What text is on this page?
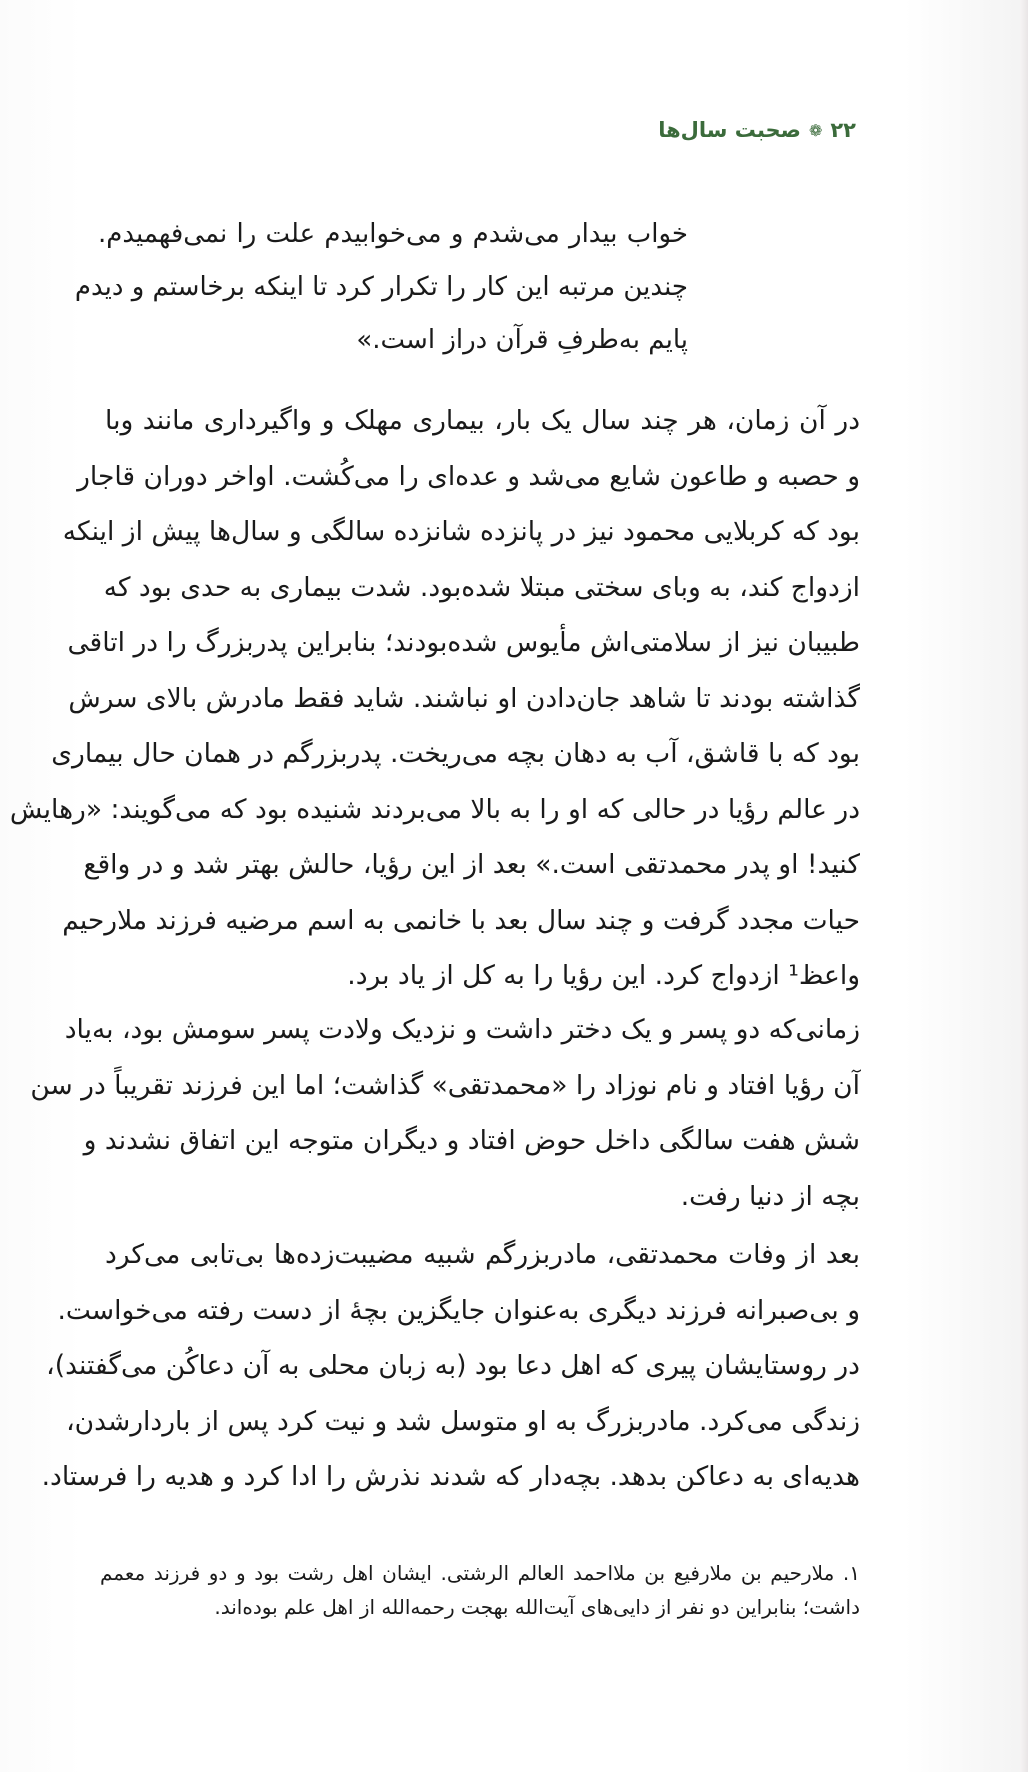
۲۲
❁
صحبت سال‌ها
خواب بیدار می‌شدم و می‌خوابیدم علت را نمی‌فهمیدم.
چندین مرتبه این کار را تکرار کرد تا اینکه برخاستم و دیدم
پایم به‌طرفِ قرآن دراز است.»
در آن زمان، هر چند سال یک بار، بیماری مهلک و واگیرداری مانند وبا
و حصبه و طاعون شایع می‌شد و عده‌ای را می‌کُشت. اواخر دوران قاجار
بود که کربلایی محمود نیز در پانزده شانزده سالگی و سال‌ها پیش از اینکه
ازدواج کند، به وبای سختی مبتلا شده‌بود. شدت بیماری به حدی بود که
طبیبان نیز از سلامتی‌اش مأیوس شده‌بودند؛ بنابراین پدربزرگ را در اتاقی
گذاشته بودند تا شاهد جان‌دادن او نباشند. شاید فقط مادرش بالای سرش
بود که با قاشق، آب به دهان بچه می‌ریخت. پدربزرگم در همان حال بیماری
در عالم رؤیا در حالی که او را به بالا می‌بردند شنیده بود که می‌گویند: «رهایش
کنید! او پدر محمدتقی است.» بعد از این رؤیا، حالش بهتر شد و در واقع
حیات مجدد گرفت و چند سال بعد با خانمی به اسم مرضیه فرزند ملارحیم
واعظ¹ ازدواج کرد. این رؤیا را به کل از یاد برد.
زمانی‌که دو پسر و یک دختر داشت و نزدیک ولادت پسر سومش بود، به‌یاد
آن رؤیا افتاد و نام نوزاد را «محمدتقی» گذاشت؛ اما این فرزند تقریباً در سن
شش هفت سالگی داخل حوض افتاد و دیگران متوجه این اتفاق نشدند و
بچه از دنیا رفت.
بعد از وفات محمدتقی، مادربزرگم شبیه مضیبت‌زده‌ها بی‌تابی می‌کرد
و بی‌صبرانه فرزند دیگری به‌عنوان جایگزین بچهٔ از دست رفته می‌خواست.
در روستایشان پیری که اهل دعا بود (به زبان محلی به آن دعاکُن می‌گفتند)،
زندگی می‌کرد. مادربزرگ به او متوسل شد و نیت کرد پس از باردارشدن،
هدیه‌ای به دعاکن بدهد. بچه‌دار که شدند نذرش را ادا کرد و هدیه را فرستاد.
۱. ملارحیم بن ملارفیع بن ملااحمد العالم الرشتی. ایشان اهل رشت بود و دو فرزند معمم
داشت؛ بنابراین دو نفر از دایی‌های آیت‌الله بهجت رحمه‌الله از اهل علم بوده‌اند.
